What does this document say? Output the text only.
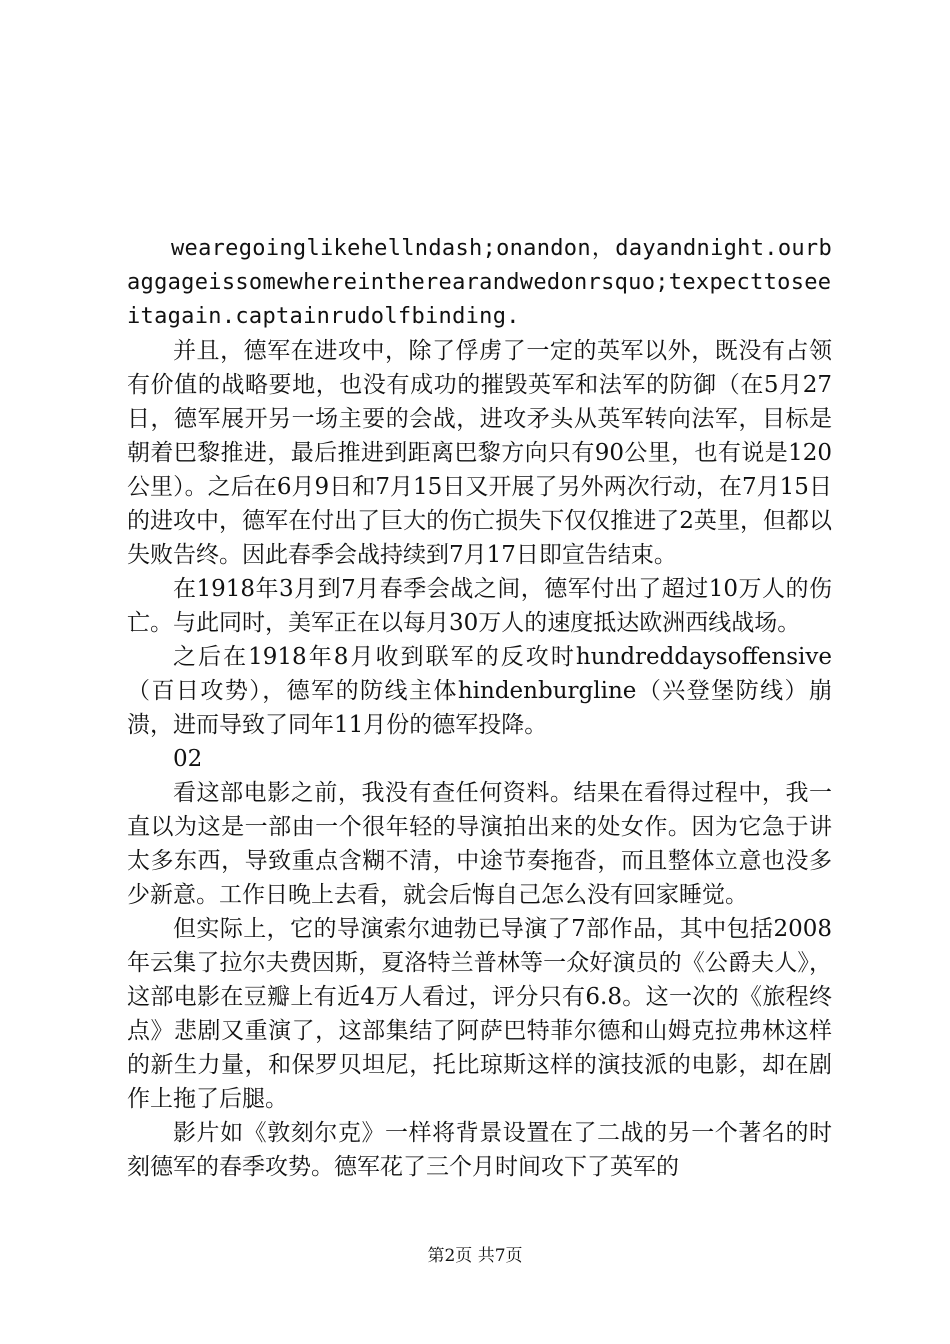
wearegoinglikehellndash;onandon，dayandnight.ourbaggageissomewhereintherearandwedonrsquo;texpecttoseeitagain.captainrudolfbinding.

并且，德军在进攻中，除了俘虏了一定的英军以外，既没有占领有价值的战略要地，也没有成功的摧毁英军和法军的防御（在5月27日，德军展开另一场主要的会战，进攻矛头从英军转向法军，目标是朝着巴黎推进，最后推进到距离巴黎方向只有90公里，也有说是120公里）。之后在6月9日和7月15日又开展了另外两次行动，在7月15日的进攻中，德军在付出了巨大的伤亡损失下仅仅推进了2英里，但都以失败告终。因此春季会战持续到7月17日即宣告结束。

在1918年3月到7月春季会战之间，德军付出了超过10万人的伤亡。与此同时，美军正在以每月30万人的速度抵达欧洲西线战场。

之后在1918年8月收到联军的反攻时hundreddaysoffensive（百日攻势），德军的防线主体hindenburgline（兴登堡防线）崩溃，进而导致了同年11月份的德军投降。

02

看这部电影之前，我没有查任何资料。结果在看得过程中，我一直以为这是一部由一个很年轻的导演拍出来的处女作。因为它急于讲太多东西，导致重点含糊不清，中途节奏拖沓，而且整体立意也没多少新意。工作日晚上去看，就会后悔自己怎么没有回家睡觉。

但实际上，它的导演索尔迪勃已导演了7部作品，其中包括2008年云集了拉尔夫费因斯，夏洛特兰普林等一众好演员的《公爵夫人》，这部电影在豆瓣上有近4万人看过，评分只有6.8。这一次的《旅程终点》悲剧又重演了，这部集结了阿萨巴特菲尔德和山姆克拉弗林这样的新生力量，和保罗贝坦尼，托比琼斯这样的演技派的电影，却在剧作上拖了后腿。

影片如《敦刻尔克》一样将背景设置在了二战的另一个著名的时刻德军的春季攻势。德军花了三个月时间攻下了英军的

第2页 共7页
